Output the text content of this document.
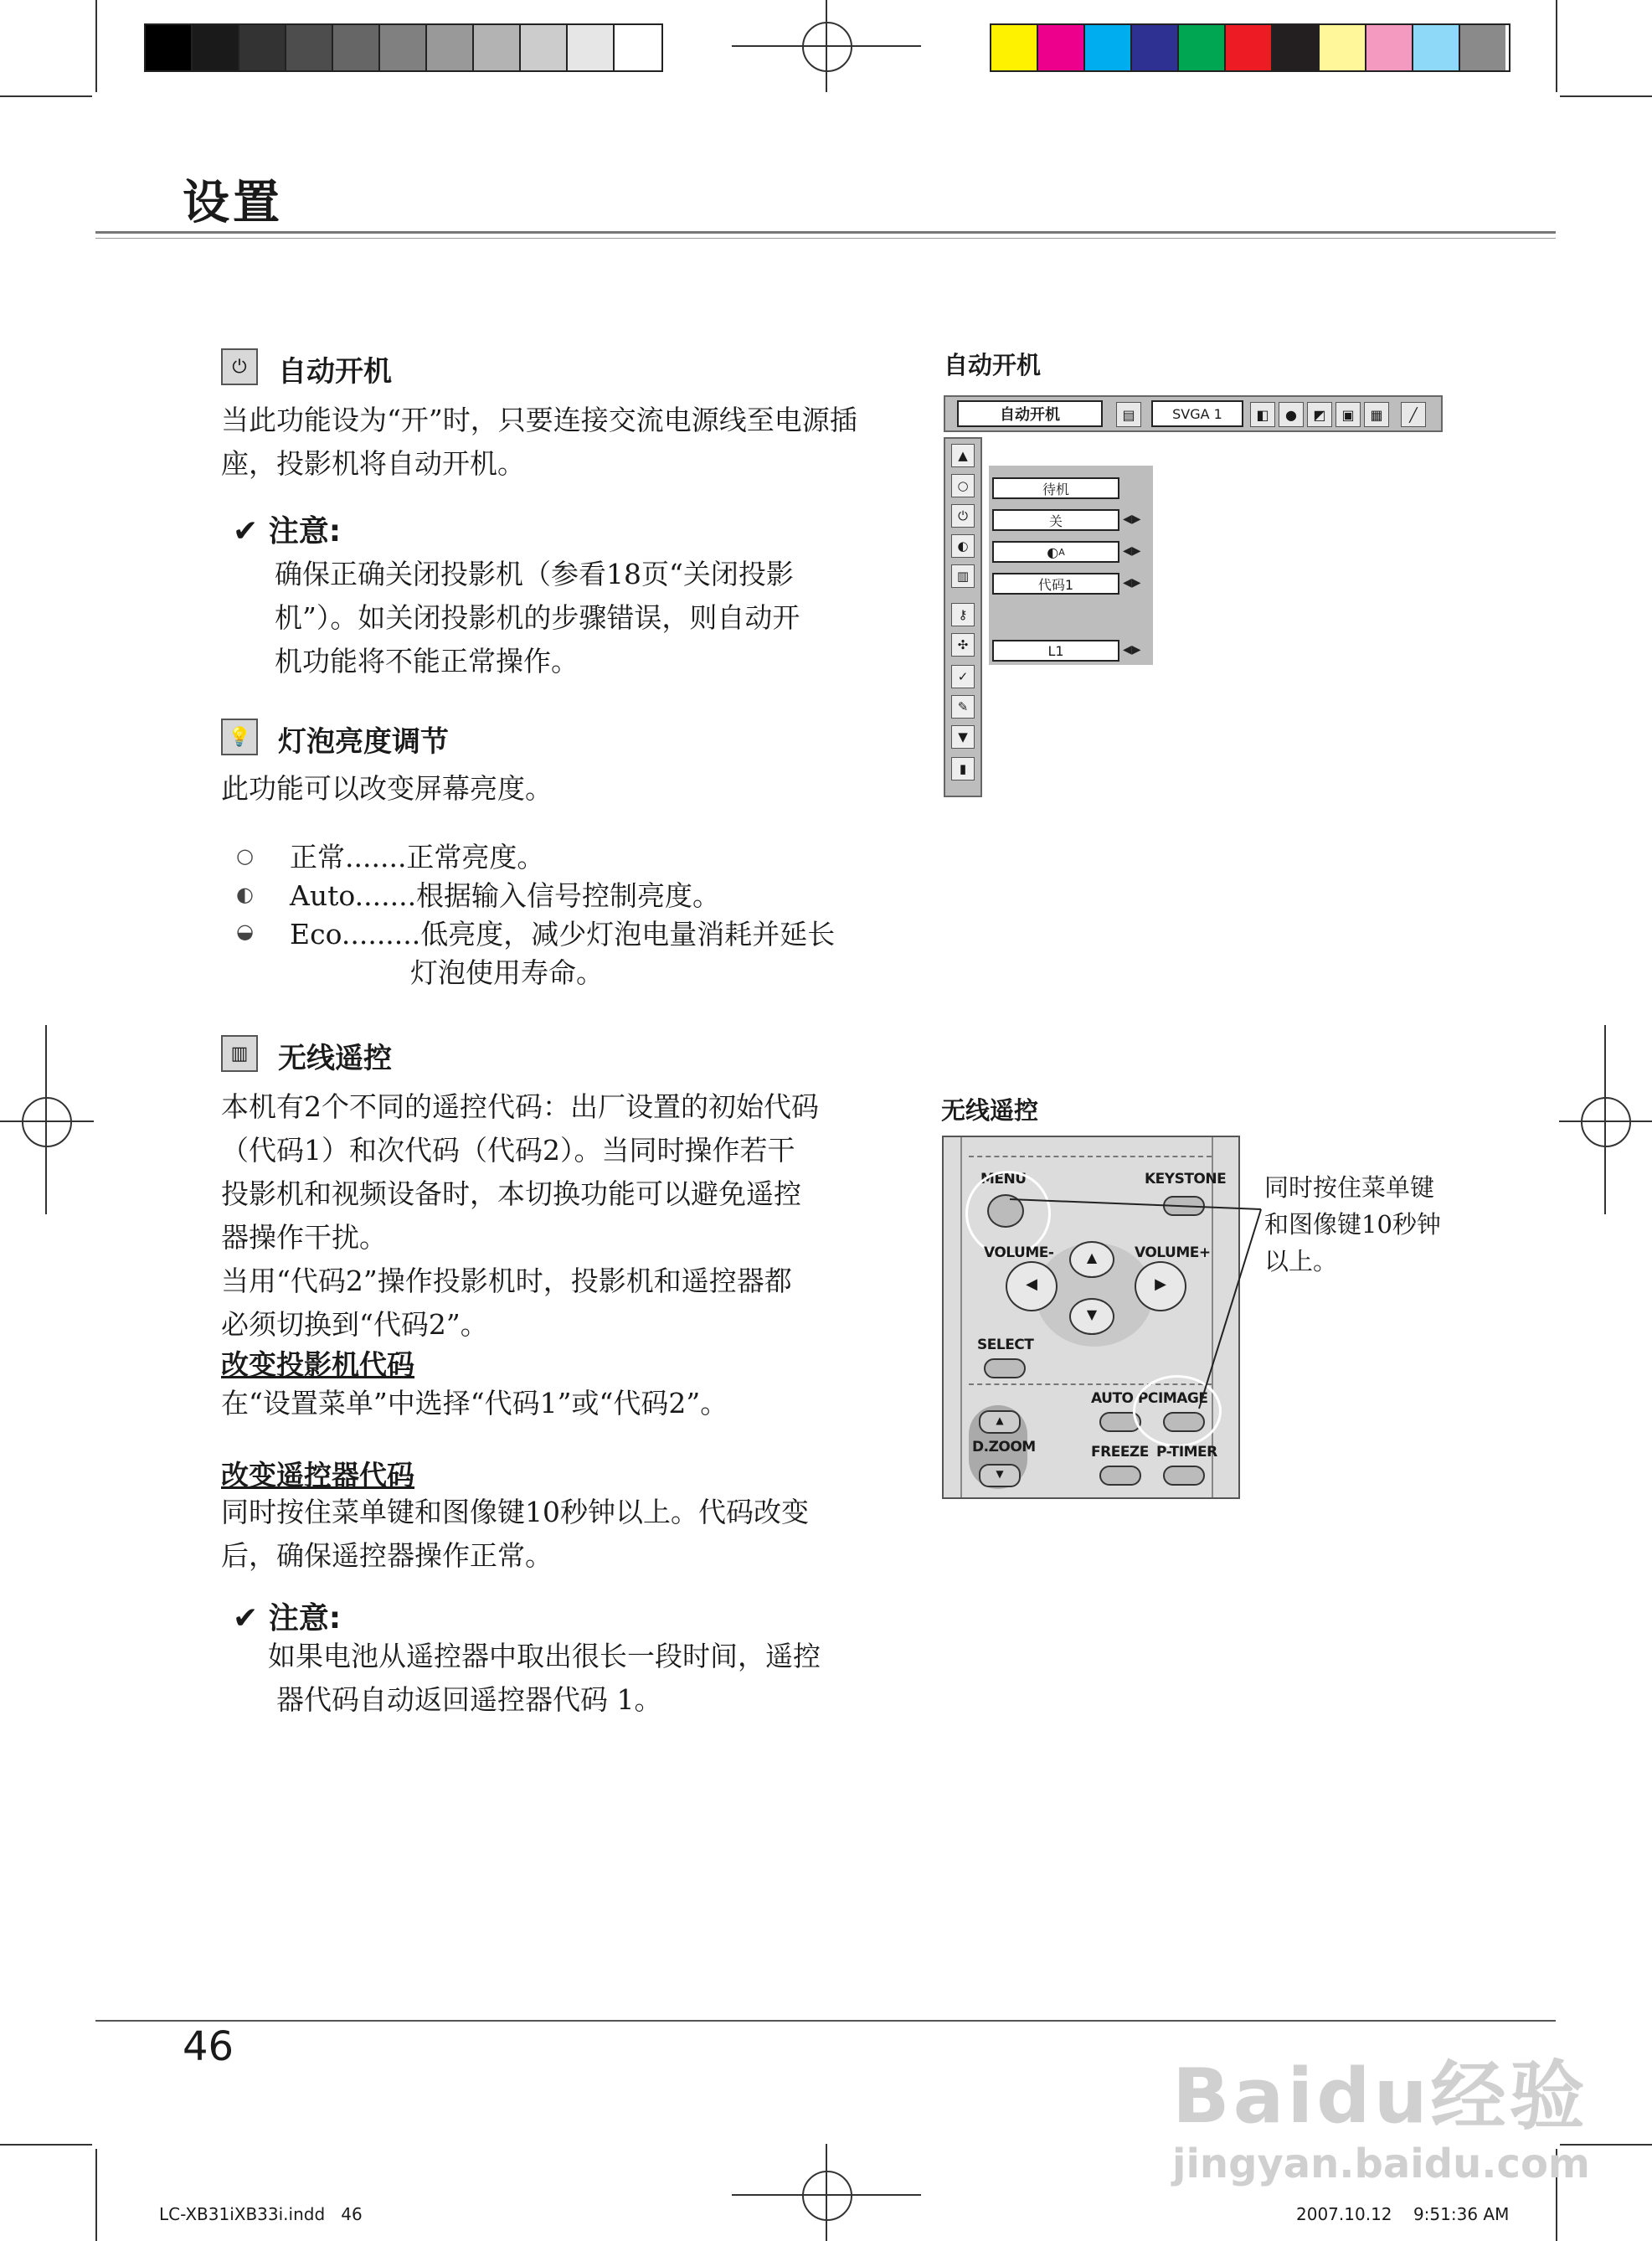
设置
⏻	自动开机
当此功能设为“开”时，只要连接交流电源线至电源插座，投影机将自动开机。
✔ 注意:
确保正确关闭投影机（参看18页“关闭投影
机”）。如关闭投影机的步骤错误，则自动开
机功能将不能正常操作。
💡 灯泡亮度调节
此功能可以改变屏幕亮度。
○ 正常.......正常亮度。
◐ Auto.......根据输入信号控制亮度。
◒ Eco.........低亮度，减少灯泡电量消耗并延长
灯泡使用寿命。
▥	无线遥控
本机有2个不同的遥控代码：出厂设置的初始代码
（代码1）和次代码（代码2）。当同时操作若干
投影机和视频设备时，本切换功能可以避免遥控
器操作干扰。
当用“代码2”操作投影机时，投影机和遥控器都
必须切换到“代码2”。
改变投影机代码
在“设置菜单”中选择“代码1”或“代码2”。
改变遥控器代码
同时按住菜单键和图像键10秒钟以上。代码改变
后，确保遥控器操作正常。
✔ 注意:
如果电池从遥控器中取出很长一段时间，遥控
器代码自动返回遥控器代码 1。
自动开机
自动开机	▤	SVGA 1	◧	●	◩	▣	▦	╱
▲
○
⏻
◐
▥
⚷
✣
✓
✎
▼
▮
待机
关	◀▶
◐ A	◀▶
代码1	◀▶
L1	◀▶
无线遥控
MENU	KEYSTONE
VOLUME-	VOLUME+
▲
▼
◀	▶
SELECT
AUTO PC IMAGE
▲
D.ZOOM
▼
FREEZE P-TIMER
同时按住菜单键
和图像键10秒钟
以上。
46
LC-XB31iXB33i.indd   46	2007.10.12    9:51:36 AM
Baidu经验
jingyan.baidu.com
